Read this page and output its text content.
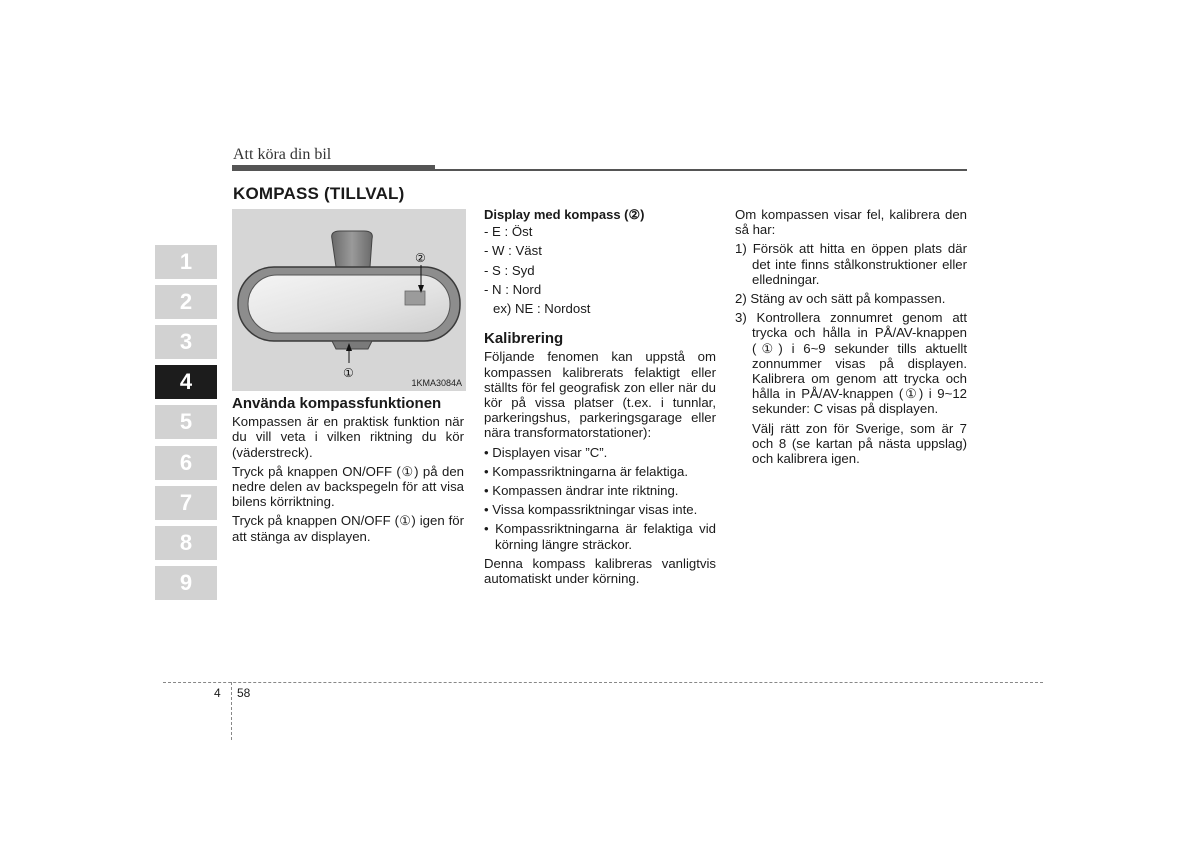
Att köra din bil
KOMPASS (TILLVAL)
1
2
3
4
5
6
7
8
9
②
①
1KMA3084A

Använda kompassfunktionen

Kompassen är en praktisk funktion när du vill veta i vilken riktning du kör (väderstreck).

Tryck på knappen ON/OFF (①) på den nedre delen av backspegeln för att visa bilens körriktning.

Tryck på knappen ON/OFF (①) igen för att stänga av displayen.

Display med kompass (②)

- E : Öst

- W : Väst

- S : Syd

- N : Nord

ex) NE : Nordost

Kalibrering

Följande fenomen kan uppstå om kompassen kalibrerats felaktigt eller ställts för fel geografisk zon eller när du kör på vissa platser (t.ex. i tunnlar, parkeringshus, parkeringsgarage eller nära transformatorstationer):

• Displayen visar ”C”.

• Kompassriktningarna är felaktiga.

• Kompassen ändrar inte riktning.

• Vissa kompassriktningar visas inte.

• Kompassriktningarna är felaktiga vid körning längre sträckor.

Denna kompass kalibreras vanligtvis automatiskt under körning.

Om kompassen visar fel, kalibrera den så har:

1) Försök att hitta en öppen plats där det inte finns stålkonstruktioner eller elledningar.

2) Stäng av och sätt på kompassen.

3) Kontrollera zonnumret genom att trycka och hålla in PÅ/AV-knappen (①) i 6~9 sekunder tills aktuellt zonnummer visas på displayen. Kalibrera om genom att trycka och hålla in PÅ/AV-knappen (①) i 9~12 sekunder: C visas på displayen.

Välj rätt zon för Sverige, som är 7 och 8 (se kartan på nästa uppslag) och kalibrera igen.

4 58
